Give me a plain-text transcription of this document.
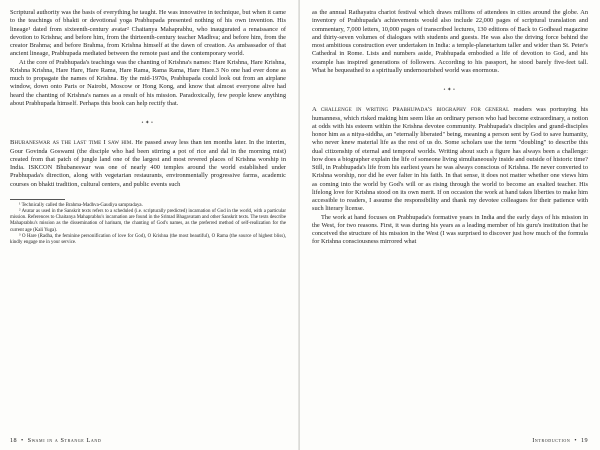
Scriptural authority was the basis of everything he taught. He was innovative in technique, but when it came to the teachings of bhakti or devotional yoga Prabhupada presented nothing of his own invention. His lineage¹ dated from sixteenth-century avatar² Chaitanya Mahaprabhu, who inaugurated a renaissance of devotion to Krishna; and before him, from the thirteenth-century teacher Madhva; and before him, from the creator Brahma; and before Brahma, from Krishna himself at the dawn of creation. As ambassador of that ancient lineage, Prabhupada mediated between the remote past and the contemporary world.

At the core of Prabhupada's teachings was the chanting of Krishna's names: Hare Krishna, Hare Krishna, Krishna Krishna, Hare Hare, Hare Rama, Hare Rama, Rama Rama, Hare Hare.3 No one had ever done as much to propagate the names of Krishna. By the mid-1970s, Prabhupada could look out from an airplane window, down onto Paris or Nairobi, Moscow or Hong Kong, and know that almost everyone alive had heard the chanting of Krishna's names as a result of his mission. Paradoxically, few people knew anything about Prabhupada himself. Perhaps this book can help rectify that.

•✦•

Bhubaneswar as the last time I saw him. He passed away less than ten months later. In the interim, Gour Govinda Goswami (the disciple who had been stirring a pot of rice and dal in the morning mist) created from that patch of jungle land one of the largest and most revered places of Krishna worship in India. ISKCON Bhubaneswar was one of nearly 400 temples around the world established under Prabhupada's direction, along with vegetarian restaurants, environmentally progressive farms, academic courses on bhakti tradition, cultural centers, and public events such

¹ Technically called the Brahma-Madhva-Gaudiya sampradaya.

² Avatar as used in the Sanskrit texts refers to a scheduled (i.e. scripturally predicted) incarnation of God in the world, with a particular mission. References to Chaitanya Mahaprabhu's incarnation are found in the Srimad Bhagavatam and other Sanskrit texts. The texts describe Mahaprabhu's mission as the dissemination of harinam, the chanting of God's names, as the preferred method of self-realization for the current age (Kali Yuga).

³ O Hare (Radha, the feminine personification of love for God), O Krishna (the most beautiful), O Rama (the source of highest bliss), kindly engage me in your service.

18 • Swami in a Strange Land

as the annual Rathayatra chariot festival which draws millions of attendees in cities around the globe. An inventory of Prabhupada's achievements would also include 22,000 pages of scriptural translation and commentary, 7,000 letters, 10,000 pages of transcribed lectures, 130 editions of Back to Godhead magazine and thirty-seven volumes of dialogues with students and guests. He was also the driving force behind the most ambitious construction ever undertaken in India: a temple-planetarium taller and wider than St. Peter's Cathedral in Rome. Lists and numbers aside, Prabhupada embodied a life of devotion to God, and his example has inspired generations of followers. According to his passport, he stood barely five-feet tall. What he bequeathed to a spiritually undernourished world was enormous.

•✦•

A challenge in writing Prabhupada's biography for general readers was portraying his humanness, which risked making him seem like an ordinary person who had become extraordinary, a notion at odds with his esteem within the Krishna devotee community. Prabhupada's disciples and grand-disciples honor him as a nitya-siddha, an "eternally liberated" being, meaning a person sent by God to save humanity, who never knew material life as the rest of us do. Some scholars use the term "doubling" to describe this dual citizenship of eternal and temporal worlds. Writing about such a figure has always been a challenge: how does a biographer explain the life of someone living simultaneously inside and outside of historic time? Still, in Prabhupada's life from his earliest years he was always conscious of Krishna. He never converted to Krishna worship, nor did he ever falter in his faith. In that sense, it does not matter whether one views him as coming into the world by God's will or as rising through the world to become an exalted teacher. His lifelong love for Krishna stood on its own merit. If on occasion the work at hand takes liberties to make him accessible to readers, I assume the responsibility and thank my devotee colleagues for their patience with such literary license.

The work at hand focuses on Prabhupada's formative years in India and the early days of his mission in the West, for two reasons. First, it was during his years as a leading member of his guru's institution that he conceived the structure of his mission in the West (I was surprised to discover just how much of the formula for Krishna consciousness mirrored what

Introduction • 19
